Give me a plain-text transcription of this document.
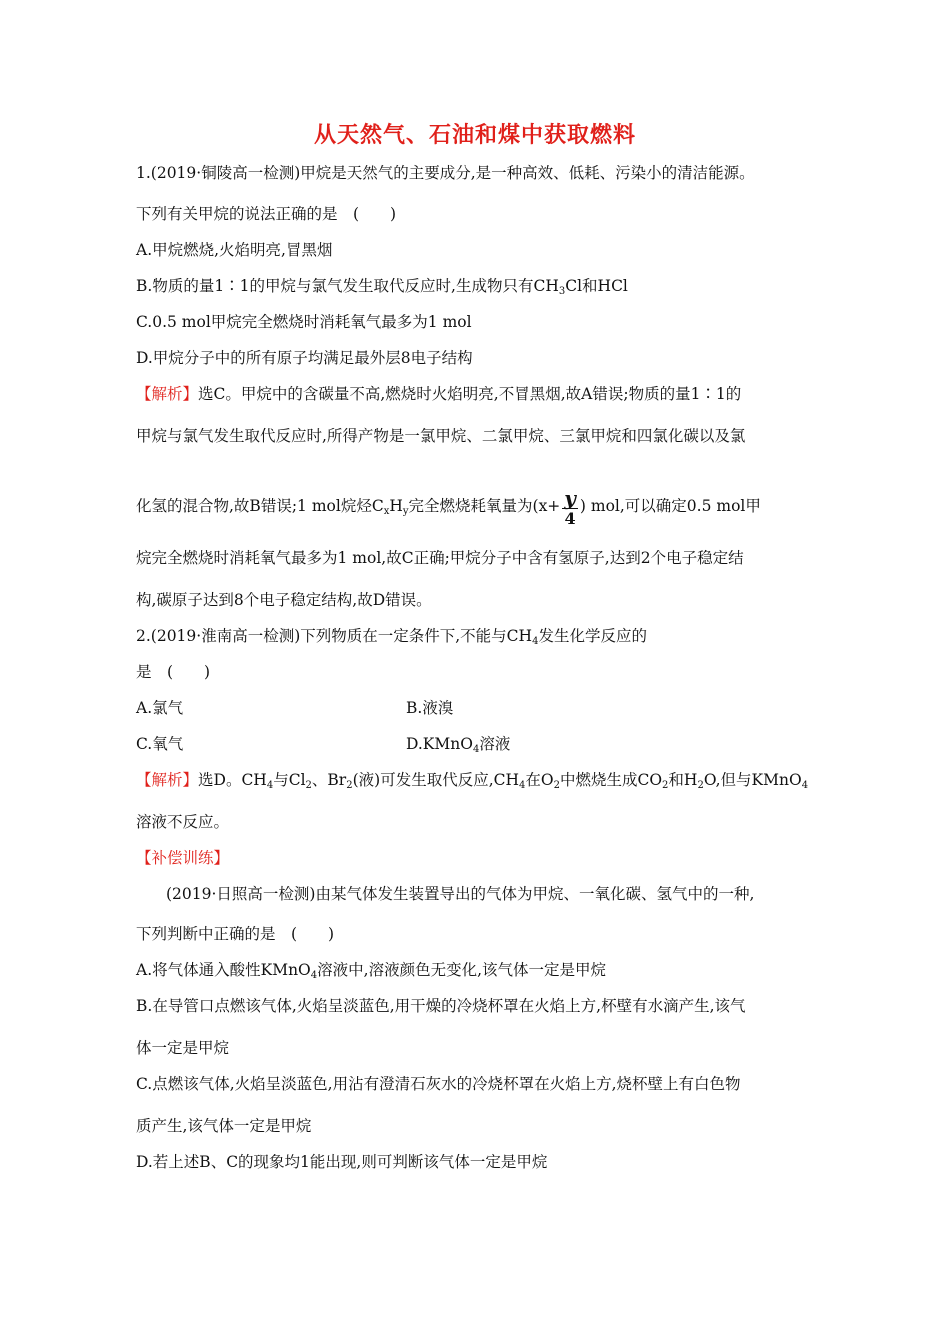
从天然气、石油和煤中获取燃料
1.(2019·铜陵高一检测)甲烷是天然气的主要成分,是一种高效、低耗、污染小的清洁能源。
下列有关甲烷的说法正确的是　(　　)
A.甲烷燃烧,火焰明亮,冒黑烟
B.物质的量1∶1的甲烷与氯气发生取代反应时,生成物只有$CH_3Cl$和HCl
C.0.5 mol甲烷完全燃烧时消耗氧气最多为1 mol
D.甲烷分子中的所有原子均满足最外层8电子结构
【解析】选C。甲烷中的含碳量不高,燃烧时火焰明亮,不冒黑烟,故A错误;物质的量1∶1的
甲烷与氯气发生取代反应时,所得产物是一氯甲烷、二氯甲烷、三氯甲烷和四氯化碳以及氯
化氢的混合物,故B错误;1 mol烷烃$C_xH_y$完全燃烧耗氧量为($x+ \frac{y}{4}$ ) mol,可以确定0.5 mol甲
烷完全燃烧时消耗氧气最多为1 mol,故C正确;甲烷分子中含有氢原子,达到2个电子稳定结
构,碳原子达到8个电子稳定结构,故D错误。
2.(2019·淮南高一检测)下列物质在一定条件下,不能与$CH_4$发生化学反应的
是　(　　)
A.氯气	B.液溴
C.氧气	D.KMnO$_4$溶液
【解析】选D。$CH_4$与$Cl_2$、$Br_2$(液)可发生取代反应$,CH_4$在$O_2$中燃烧生成$CO_2$和$H_2O$,但与KMnO$_4$
溶液不反应。
【补偿训练】
(2019·日照高一检测)由某气体发生装置导出的气体为甲烷、一氧化碳、氢气中的一种,
下列判断中正确的是　(　　)
A.将气体通入酸性KMnO$_4$溶液中,溶液颜色无变化,该气体一定是甲烷
B.在导管口点燃该气体,火焰呈淡蓝色,用干燥的冷烧杯罩在火焰上方,杯壁有水滴产生,该气
体一定是甲烷
C.点燃该气体,火焰呈淡蓝色,用沾有澄清石灰水的冷烧杯罩在火焰上方,烧杯壁上有白色物
质产生,该气体一定是甲烷
D.若上述B、C的现象均1能出现,则可判断该气体一定是甲烷
